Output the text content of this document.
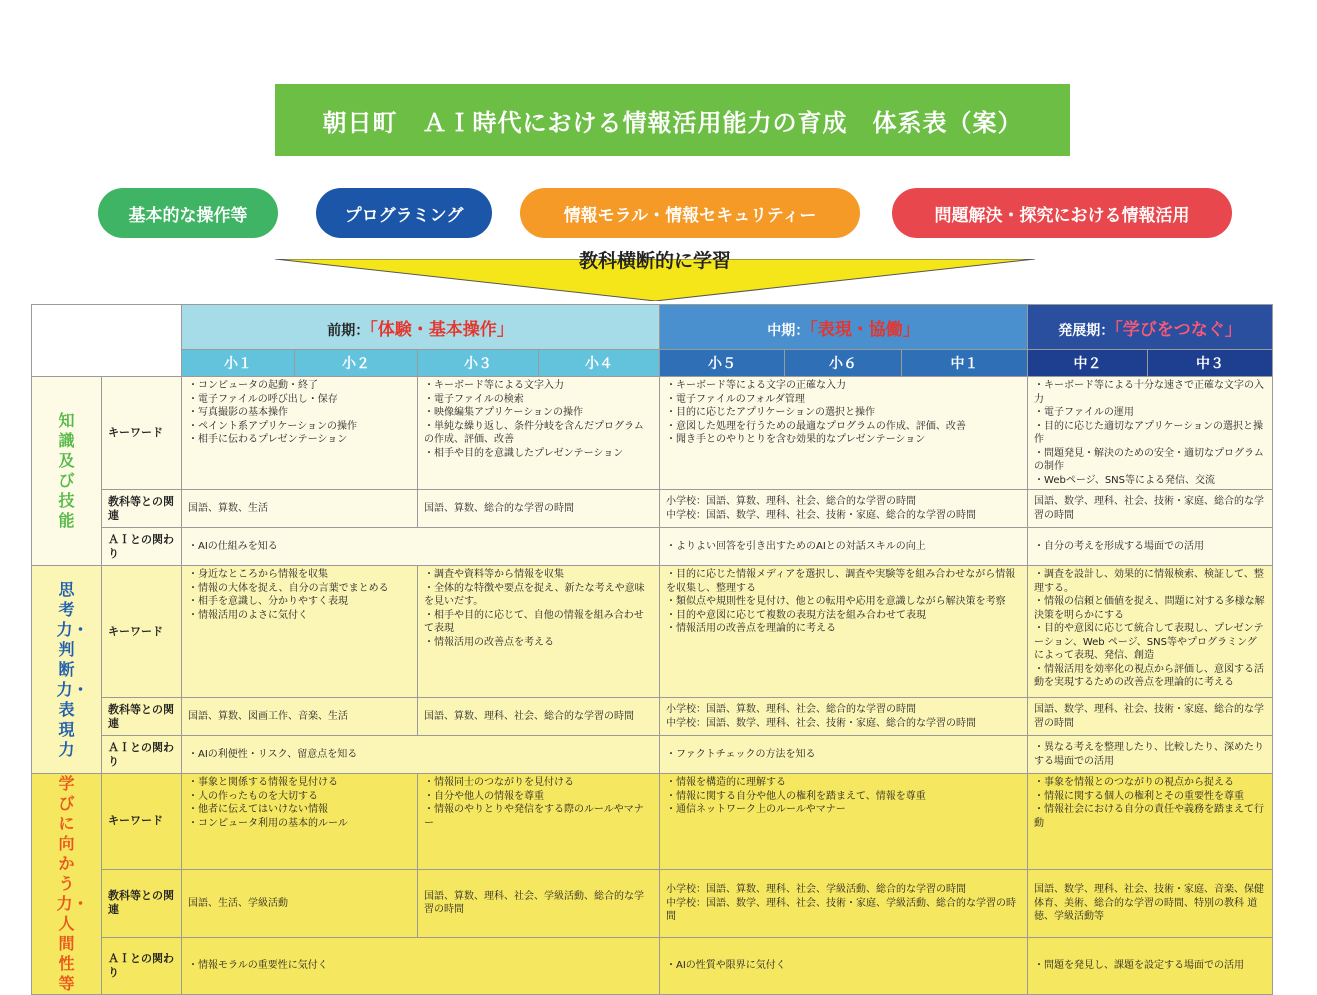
朝日町　ＡＩ時代における情報活用能力の育成　体系表（案）
基本的な操作等	プログラミング	情報モラル・情報セキュリティー	問題解決・探究における情報活用
教科横断的に学習
		前期：「体験・基本操作」				中期：「表現・協働」			発展期：「学びをつなぐ」	
		小１	小２	小３	小４	小５	小６	中１	中２	中３

知識及び技能	キーワード	・コンピュータの起動・終了
・電子ファイルの呼び出し・保存
・写真撮影の基本操作
・ペイント系アプリケーションの操作
・相手に伝わるプレゼンテーション		・キーボード等による文字入力
・電子ファイルの検索
・映像編集アプリケーションの操作
・単純な繰り返し、条件分岐を含んだプログラムの作成、評価、改善
・相手や目的を意識したプレゼンテーション		・キーボード等による文字の正確な入力
・電子ファイルのフォルダ管理
・目的に応じたアプリケーションの選択と操作
・意図した処理を行うための最適なプログラムの作成、評価、改善
・聞き手とのやりとりを含む効果的なプレゼンテーション			・キーボード等による十分な速さで正確な文字の入力
・電子ファイルの運用
・目的に応じた適切なアプリケーションの選択と操作
・問題発見・解決のための安全・適切なプログラムの制作
・Webページ、SNS等による発信、交流	
	教科等との関連	国語、算数、生活		国語、算数、総合的な学習の時間		小学校：国語、算数、理科、社会、総合的な学習の時間
中学校：国語、数学、理科、社会、技術・家庭、総合的な学習の時間			国語、数学、理科、社会、技術・家庭、総合的な学習の時間	
	ＡＩとの関わり	・AIの仕組みを知る				・よりよい回答を引き出すためのAIとの対話スキルの向上			・自分の考えを形成する場面での活用	

思考力・判断力・表現力	キーワード	・身近なところから情報を収集
・情報の大体を捉え、自分の言葉でまとめる
・相手を意識し、分かりやすく表現
・情報活用のよさに気付く		・調査や資料等から情報を収集
・全体的な特徴や要点を捉え、新たな考えや意味を見いだす。
・相手や目的に応じて、自他の情報を組み合わせて表現
・情報活用の改善点を考える		・目的に応じた情報メディアを選択し、調査や実験等を組み合わせながら情報を収集し、整理する
・類似点や規則性を見付け、他との転用や応用を意識しながら解決策を考察
・目的や意図に応じて複数の表現方法を組み合わせて表現
・情報活用の改善点を理論的に考える			・調査を設計し、効果的に情報検索、検証して、整理する。
・情報の信頼と価値を捉え、問題に対する多様な解決策を明らかにする
・目的や意図に応じて統合して表現し、プレゼンテーション、Web ページ、SNS等やプログラミングによって表現、発信、創造
・情報活用を効率化の視点から評価し、意図する活動を実現するための改善点を理論的に考える	
	教科等との関連	国語、算数、図画工作、音楽、生活		国語、算数、理科、社会、総合的な学習の時間		小学校：国語、算数、理科、社会、総合的な学習の時間
中学校：国語、数学、理科、社会、技術・家庭、総合的な学習の時間			国語、数学、理科、社会、技術・家庭、総合的な学習の時間	
	ＡＩとの関わり	・AIの利便性・リスク、留意点を知る				・ファクトチェックの方法を知る			・異なる考えを整理したり、比較したり、深めたりする場面での活用	

学びに向かう力・人間性等	キーワード	・事象と関係する情報を見付ける
・人の作ったものを大切する
・他者に伝えてはいけない情報
・コンピュータ利用の基本的ルール		・情報同士のつながりを見付ける
・自分や他人の情報を尊重
・情報のやりとりや発信をする際のルールやマナー		・情報を構造的に理解する
・情報に関する自分や他人の権利を踏まえて、情報を尊重
・通信ネットワーク上のルールやマナー			・事象を情報とのつながりの視点から捉える
・情報に関する個人の権利とその重要性を尊重
・情報社会における自分の責任や義務を踏まえて行動	
	教科等との関連	国語、生活、学級活動		国語、算数、理科、社会、学級活動、総合的な学習の時間		小学校：国語、算数、理科、社会、学級活動、総合的な学習の時間
中学校：国語、数学、理科、社会、技術・家庭、学級活動、総合的な学習の時間			国語、数学、理科、社会、技術・家庭、音楽、保健体育、美術、総合的な学習の時間、特別の教科 道徳、学級活動等	
	ＡＩとの関わり	・情報モラルの重要性に気付く				・AIの性質や限界に気付く			・問題を発見し、課題を設定する場面での活用	
